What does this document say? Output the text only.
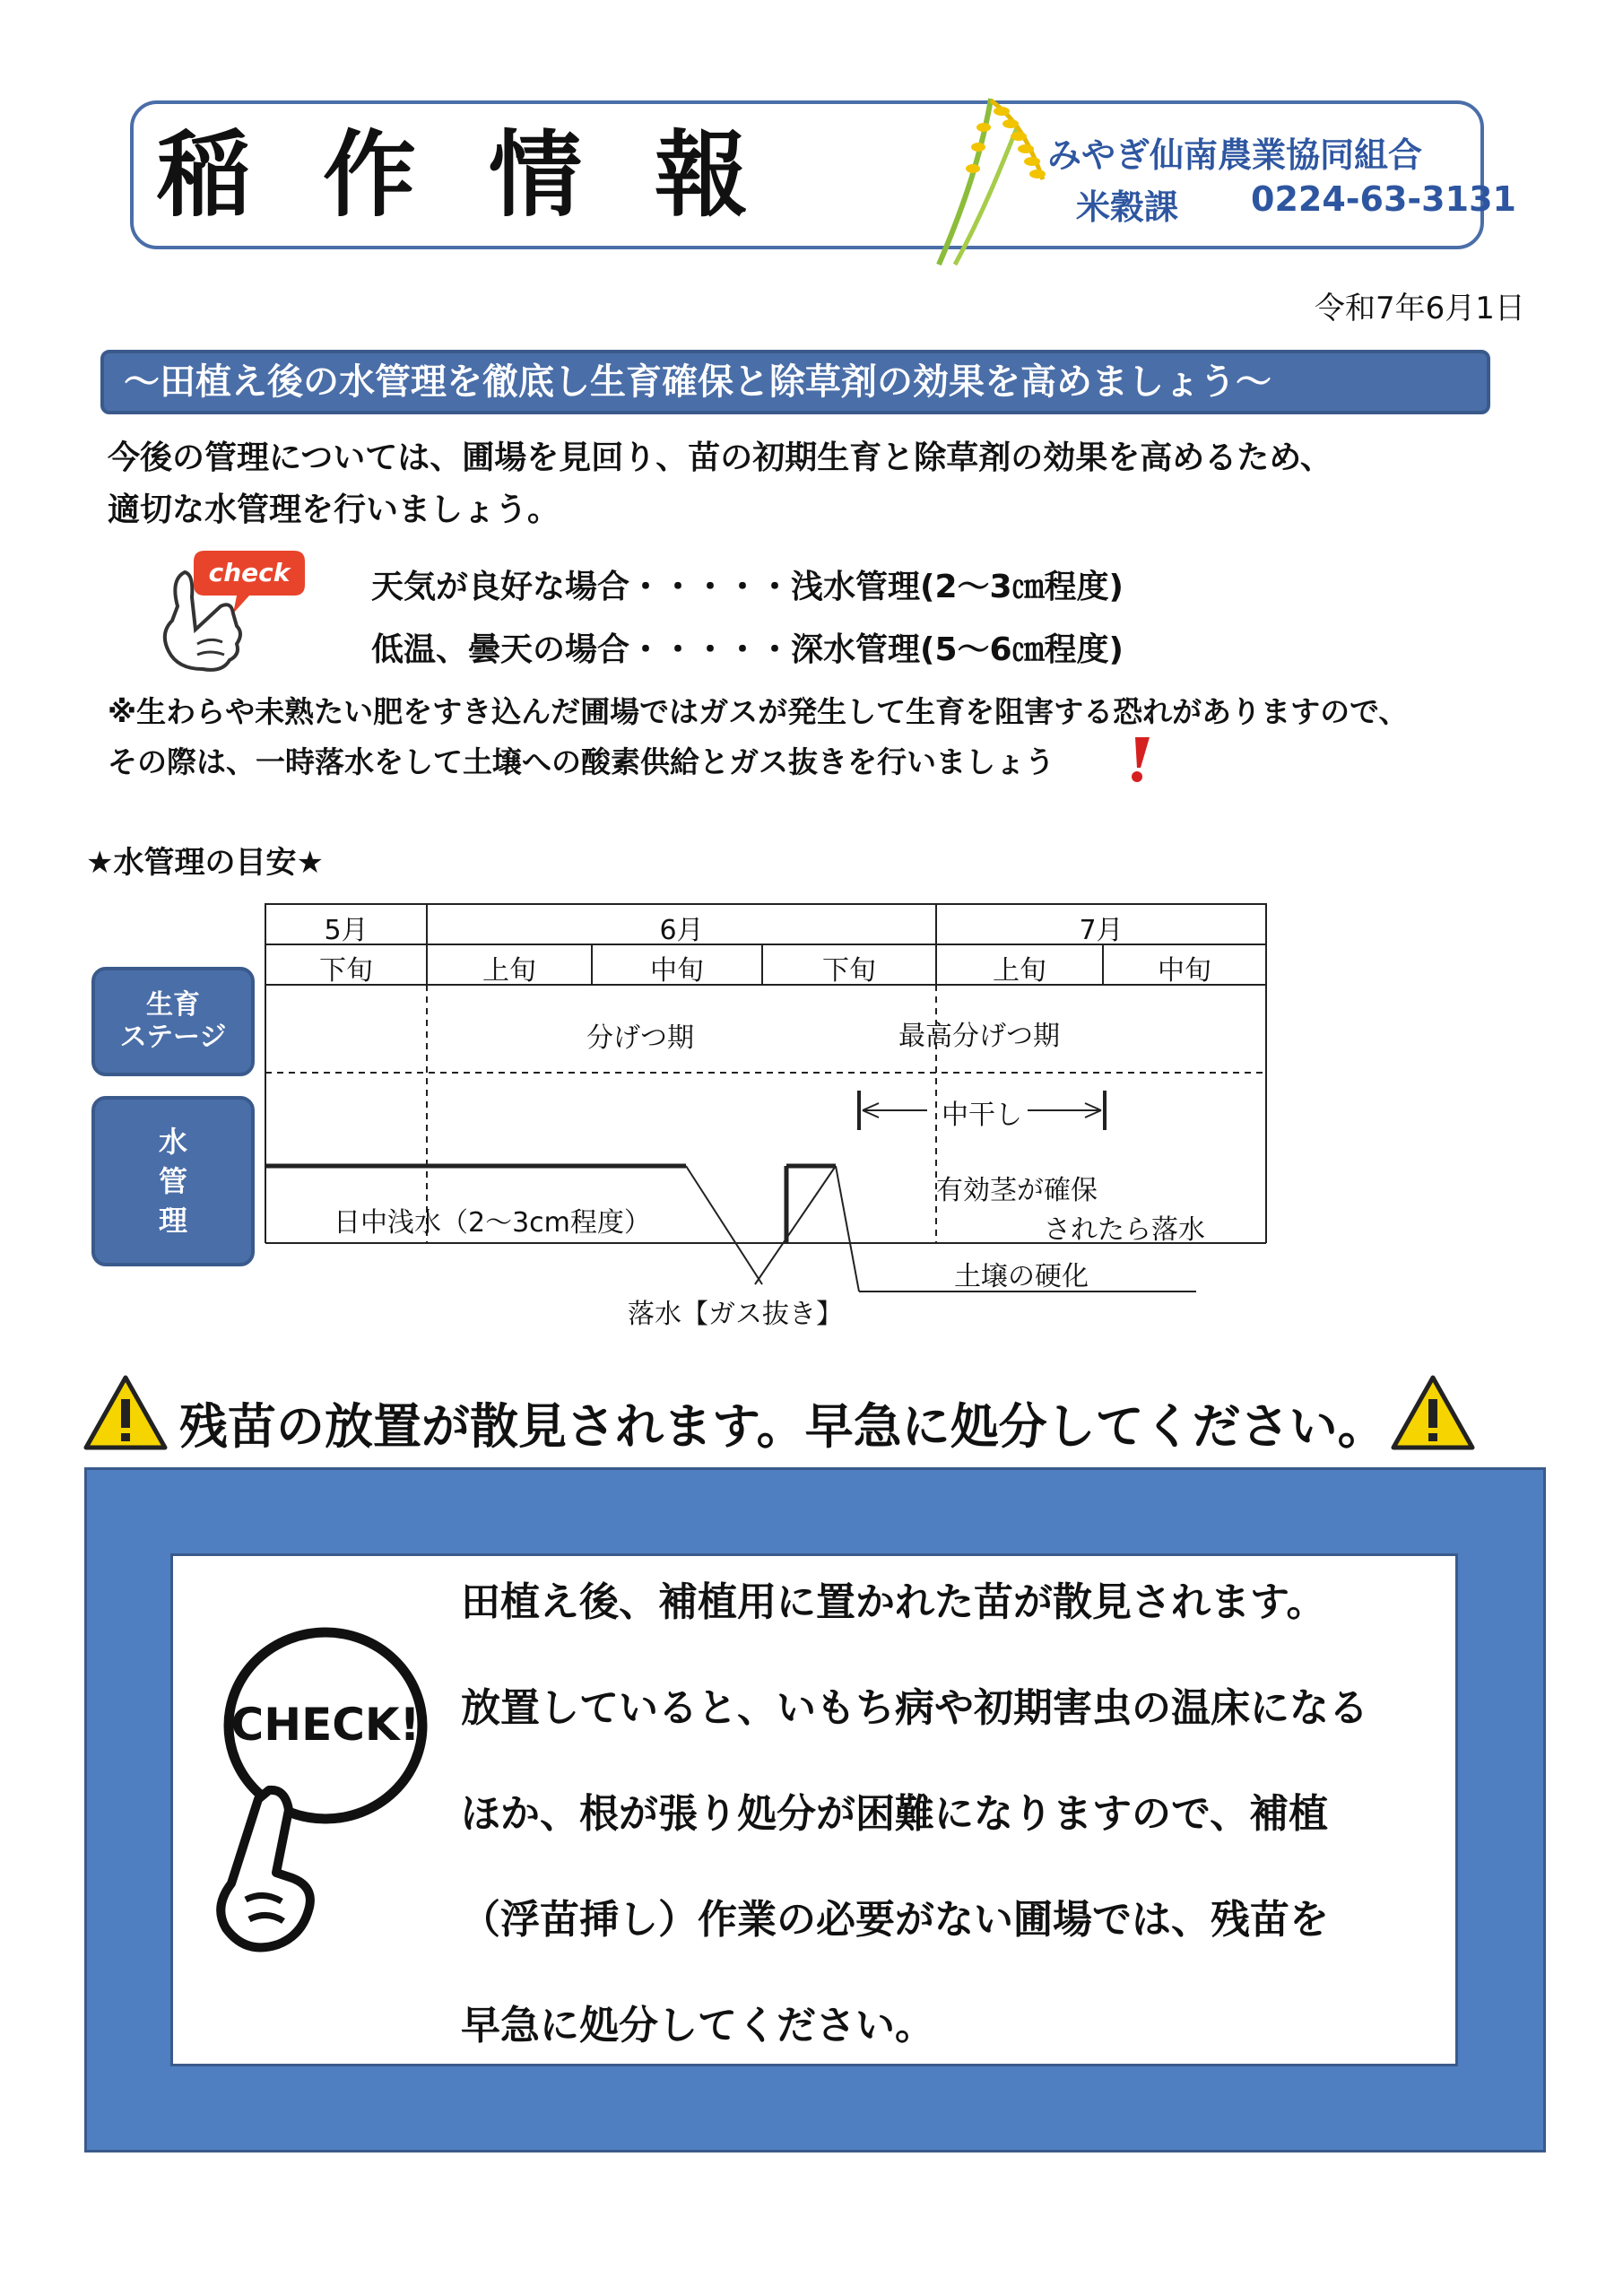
稲 作 情 報	みやぎ仙南農業協同組合
米穀課 0224-63-3131
令和7年6月1日
～田植え後の水管理を徹底し生育確保と除草剤の効果を高めましょう～
今後の管理については、圃場を見回り、苗の初期生育と除草剤の効果を高めるため、
適切な水管理を行いましょう。
check	天気が良好な場合・・・・・浅水管理(2～3㎝程度)
低温、曇天の場合・・・・・深水管理(5～6㎝程度)
※生わらや未熟たい肥をすき込んだ圃場ではガスが発生して生育を阻害する恐れがありますので、
その際は、一時落水をして土壌への酸素供給とガス抜きを行いましょう
★水管理の目安★
生育
ステージ
水
管
理
5月	6月	7月
下旬	上旬	中旬	下旬	上旬	中旬
分げつ期	最高分げつ期
中干し
有効茎が確保
されたら落水
日中浅水（2～3cm程度）
落水【ガス抜き】
土壌の硬化
残苗の放置が散見されます。早急に処分してください。
CHECK!
田植え後、補植用に置かれた苗が散見されます。
放置していると、いもち病や初期害虫の温床になる
ほか、根が張り処分が困難になりますので、補植
（浮苗挿し）作業の必要がない圃場では、残苗を
早急に処分してください。
